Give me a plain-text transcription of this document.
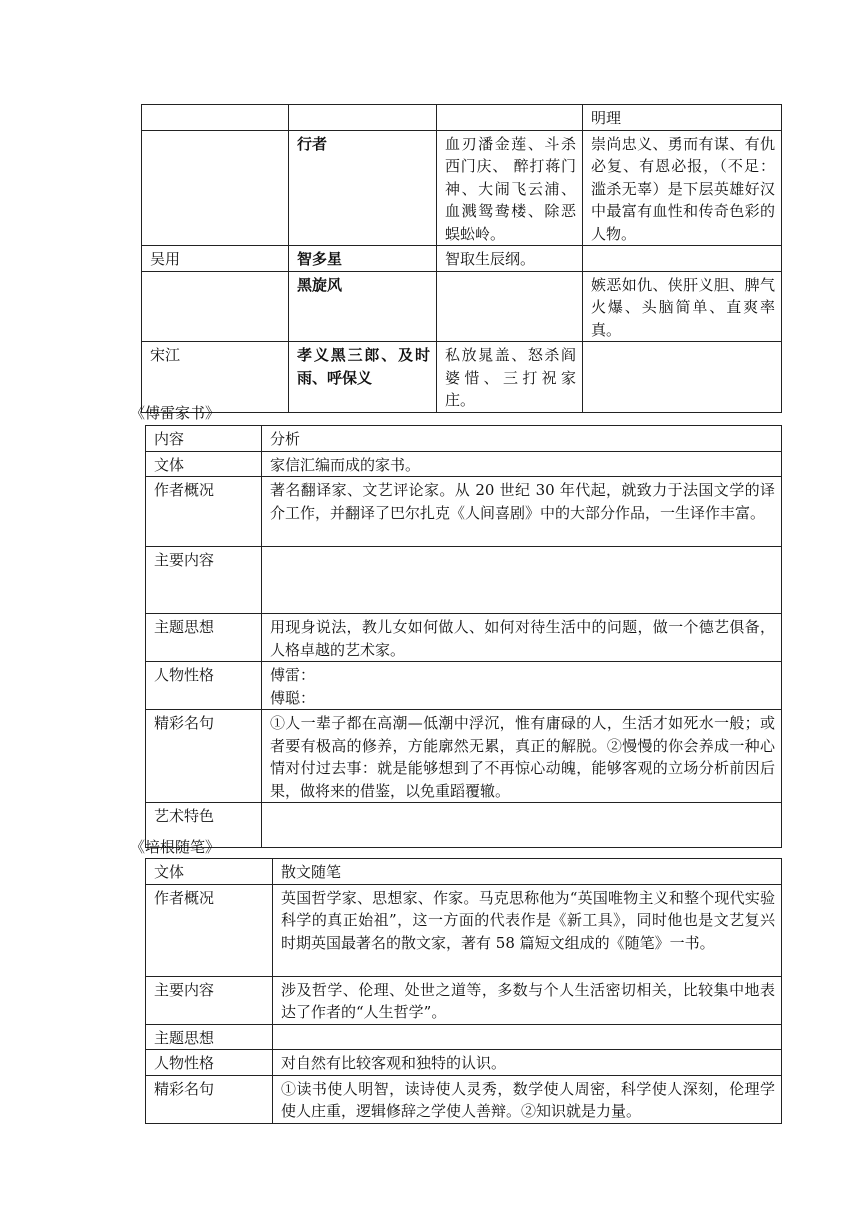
			明理
	行者	血刃潘金莲、斗杀西门庆、 醉打蒋门神、大闹飞云浦、血溅鸳鸯楼、除恶蜈蚣岭。	崇尚忠义、勇而有谋、有仇必复、有恩必报，（不足：滥杀无辜）是下层英雄好汉中最富有血性和传奇色彩的人物。
吴用	智多星	智取生辰纲。	
	黑旋风		嫉恶如仇、侠肝义胆、脾气火爆、头脑简单、直爽率真。
宋江	孝义黑三郎、及时雨、呼保义	私放晁盖、怒杀阎婆惜、三打祝家庄。	
《傅雷家书》
内容	分析
文体	家信汇编而成的家书。
作者概况	著名翻译家、文艺评论家。从 20 世纪 30 年代起，就致力于法国文学的译介工作，并翻译了巴尔扎克《人间喜剧》中的大部分作品，一生译作丰富。
主要内容	
主题思想	用现身说法，教儿女如何做人、如何对待生活中的问题，做一个德艺俱备，人格卓越的艺术家。
人物性格	傅雷：
傅聪：
精彩名句	①人一辈子都在高潮—低潮中浮沉，惟有庸碌的人，生活才如死水一般；或者要有极高的修养，方能廓然无累，真正的解脱。②慢慢的你会养成一种心情对付过去事：就是能够想到了不再惊心动魄，能够客观的立场分析前因后果，做将来的借鉴，以免重蹈覆辙。
艺术特色	
《培根随笔》
文体	散文随笔
作者概况	英国哲学家、思想家、作家。马克思称他为“英国唯物主义和整个现代实验科学的真正始祖”，这一方面的代表作是《新工具》，同时他也是文艺复兴时期英国最著名的散文家，著有 58 篇短文组成的《随笔》一书。
主要内容	涉及哲学、伦理、处世之道等，多数与个人生活密切相关，比较集中地表达了作者的“人生哲学”。
主题思想	
人物性格	对自然有比较客观和独特的认识。
精彩名句	①读书使人明智，读诗使人灵秀，数学使人周密，科学使人深刻，伦理学使人庄重，逻辑修辞之学使人善辩。②知识就是力量。
